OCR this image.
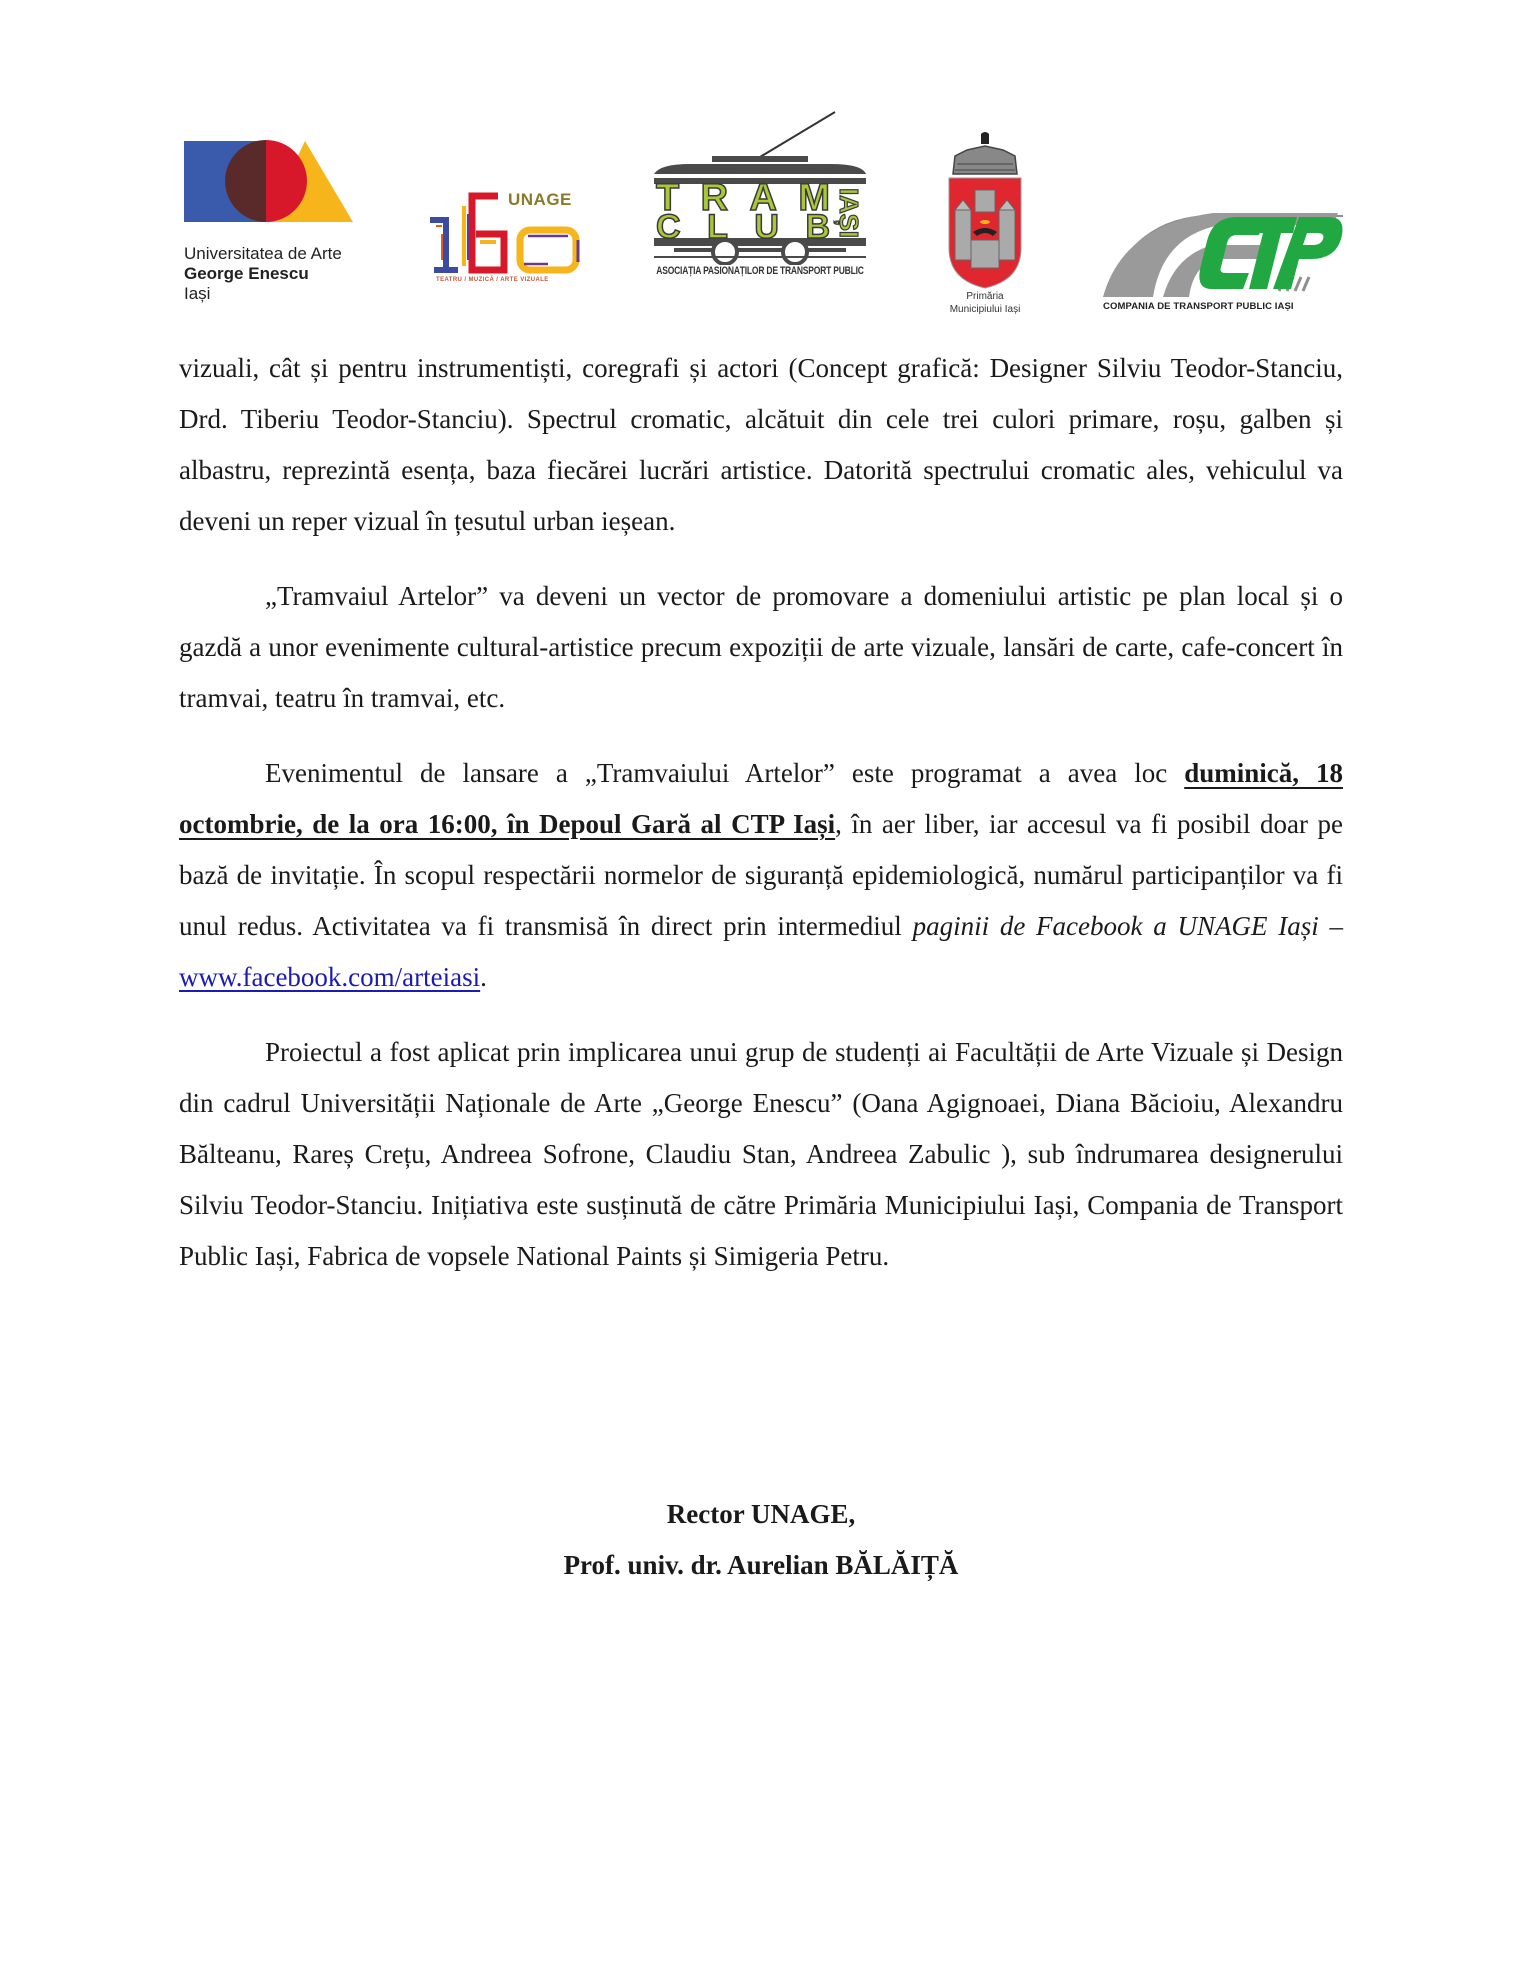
Universitatea de Arte
George Enescu
Iași
UNAGE
TEATRU / MUZICĂ / ARTE VIZUALE
TRAM
CLUB
IAȘI
ASOCIAȚIA PASIONAȚILOR DE TRANSPORT PUBLIC
Primăria
Municipiului Iași	COMPANIA DE TRANSPORT PUBLIC IAȘI

vizuali, cât și pentru instrumentiști, coregrafi și actori (Concept grafică: Designer Silviu Teodor-Stanciu, Drd. Tiberiu Teodor-Stanciu). Spectrul cromatic, alcătuit din cele trei culori primare, roșu, galben și albastru, reprezintă esența, baza fiecărei lucrări artistice. Datorită spectrului cromatic ales, vehiculul va deveni un reper vizual în țesutul urban ieșean.

„Tramvaiul Artelor” va deveni un vector de promovare a domeniului artistic pe plan local și o gazdă a unor evenimente cultural-artistice precum expoziții de arte vizuale, lansări de carte, cafe-concert în tramvai, teatru în tramvai, etc.

Evenimentul de lansare a „Tramvaiului Artelor” este programat a avea loc duminică, 18 octombrie, de la ora 16:00, în Depoul Gară al CTP Iași, în aer liber, iar accesul va fi posibil doar pe bază de invitație. În scopul respectării normelor de siguranță epidemiologică, numărul participanților va fi unul redus. Activitatea va fi transmisă în direct prin intermediul paginii de Facebook a UNAGE Iași – www.facebook.com/arteiasi.

Proiectul a fost aplicat prin implicarea unui grup de studenți ai Facultății de Arte Vizuale și Design din cadrul Universității Naționale de Arte „George Enescu” (Oana Agignoaei, Diana Băcioiu, Alexandru Bălteanu, Rareș Crețu, Andreea Sofrone, Claudiu Stan, Andreea Zabulic ), sub îndrumarea designerului Silviu Teodor-Stanciu. Inițiativa este susținută de către Primăria Municipiului Iași, Compania de Transport Public Iași, Fabrica de vopsele National Paints și Simigeria Petru.

Rector UNAGE,
Prof. univ. dr. Aurelian BĂLĂIȚĂ
